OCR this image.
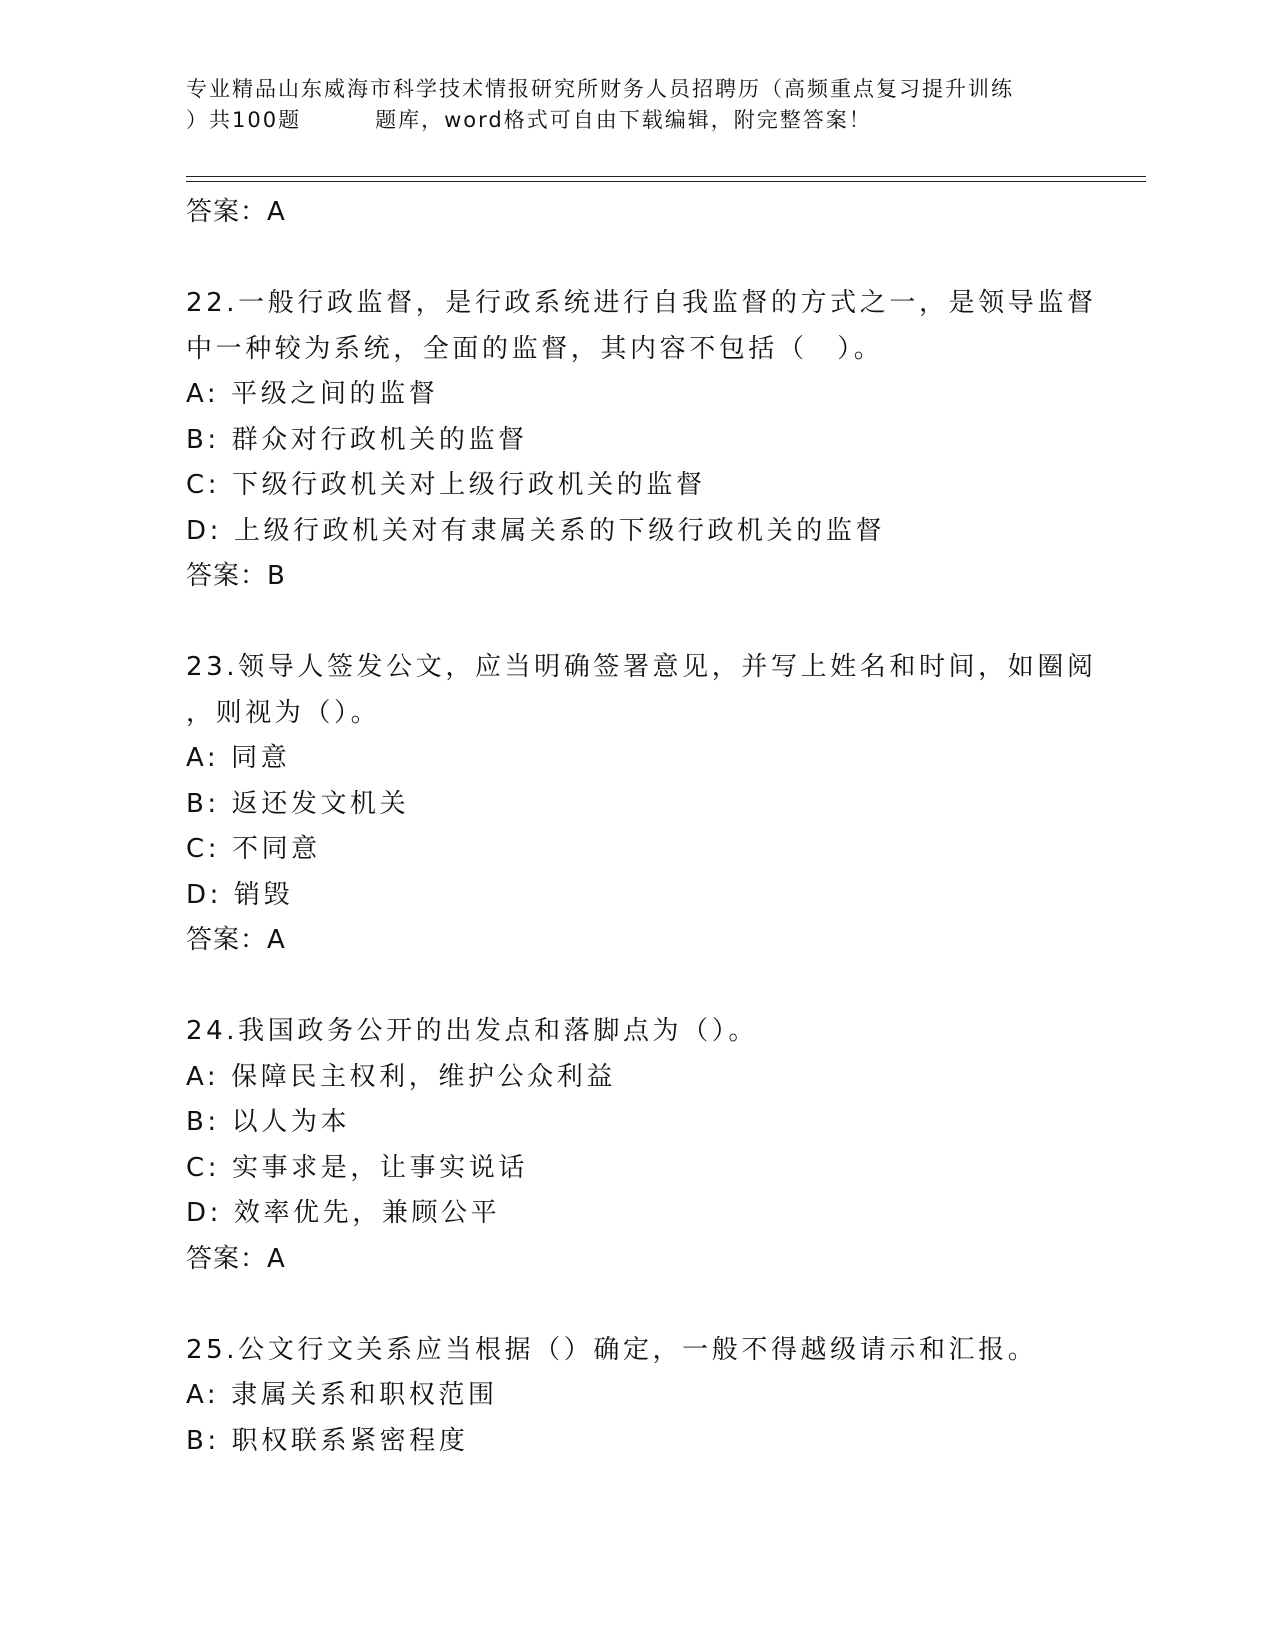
专业精品山东威海市科学技术情报研究所财务人员招聘历（高频重点复习提升训练
）共100题	题库，word格式可自由下载编辑，附完整答案！
答案：A
22.一般行政监督，是行政系统进行自我监督的方式之一，是领导监督
中一种较为系统，全面的监督，其内容不包括（　）。
A: 平级之间的监督
B: 群众对行政机关的监督
C: 下级行政机关对上级行政机关的监督
D: 上级行政机关对有隶属关系的下级行政机关的监督
答案：B
23.领导人签发公文，应当明确签署意见，并写上姓名和时间，如圈阅
，则视为（）。
A: 同意
B: 返还发文机关
C: 不同意
D: 销毁
答案：A
24.我国政务公开的出发点和落脚点为（）。
A: 保障民主权利，维护公众利益
B: 以人为本
C: 实事求是，让事实说话
D: 效率优先，兼顾公平
答案：A
25.公文行文关系应当根据（）确定，一般不得越级请示和汇报。
A: 隶属关系和职权范围
B: 职权联系紧密程度
